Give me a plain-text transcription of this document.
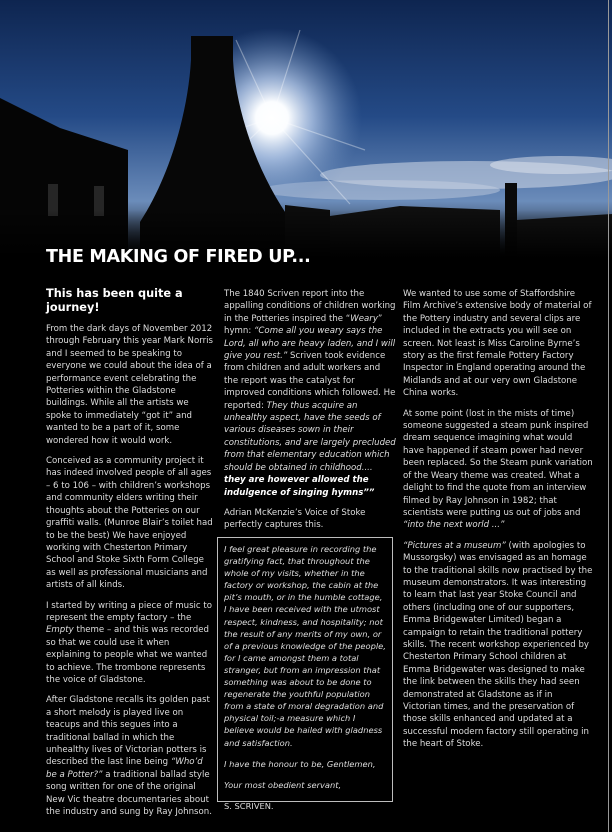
THE MAKING OF FIRED UP...
This has been quite a journey!

From the dark days of November 2012 through February this year Mark Norris and I seemed to be speaking to everyone we could about the idea of a performance event celebrating the Potteries within the Gladstone buildings. While all the artists we spoke to immediately “got it” and wanted to be a part of it, some wondered how it would work.

Conceived as a community project it has indeed involved people of all ages – 6 to 106 – with children’s workshops and community elders writing their thoughts about the Potteries on our graffiti walls. (Munroe Blair’s toilet had to be the best) We have enjoyed working with Chesterton Primary School and Stoke Sixth Form College as well as professional musicians and artists of all kinds.

I started by writing a piece of music to represent the empty factory – the Empty theme – and this was recorded so that we could use it when explaining to people what we wanted to achieve. The trombone represents the voice of Gladstone.

After Gladstone recalls its golden past a short melody is played live on teacups and this segues into a traditional ballad in which the unhealthy lives of Victorian potters is described the last line being “Who’d be a Potter?” a traditional ballad style song written for one of the original New Vic theatre documentaries about the industry and sung by Ray Johnson.

The 1840 Scriven report into the appalling conditions of children working in the Potteries inspired the “Weary” hymn: “Come all you weary says the Lord, all who are heavy laden, and I will give you rest.” Scriven took evidence from children and adult workers and the report was the catalyst for improved conditions which followed. He reported: They thus acquire an unhealthy aspect, have the seeds of various diseases sown in their constitutions, and are largely precluded from that elementary education which should be obtained in childhood.... they are however allowed the indulgence of singing hymns””

Adrian McKenzie’s Voice of Stoke perfectly captures this.

I feel great pleasure in recording the gratifying fact, that throughout the whole of my visits, whether in the factory or workshop, the cabin at the pit’s mouth, or in the humble cottage, I have been received with the utmost respect, kindness, and hospitality; not the result of any merits of my own, or of a previous knowledge of the people, for I came amongst them a total stranger, but from an impression that something was about to be done to regenerate the youthful population from a state of moral degradation and physical toil;-a measure which I believe would be hailed with gladness and satisfaction.

I have the honour to be, Gentlemen,

Your most obedient servant,

S. SCRIVEN.

We wanted to use some of Staffordshire Film Archive’s extensive body of material of the Pottery industry and several clips are included in the extracts you will see on screen. Not least is Miss Caroline Byrne’s story as the first female Pottery Factory Inspector in England operating around the Midlands and at our very own Gladstone China works.

At some point (lost in the mists of time) someone suggested a steam punk inspired dream sequence imagining what would have happened if steam power had never been replaced. So the Steam punk variation of the Weary theme was created. What a delight to find the quote from an interview filmed by Ray Johnson in 1982; that scientists were putting us out of jobs and “into the next world ...”

“Pictures at a museum” (with apologies to Mussorgsky) was envisaged as an homage to the traditional skills now practised by the museum demonstrators. It was interesting to learn that last year Stoke Council and others (including one of our supporters, Emma Bridgewater Limited) began a campaign to retain the traditional pottery skills. The recent workshop experienced by Chesterton Primary School children at Emma Bridgewater was designed to make the link between the skills they had seen demonstrated at Gladstone as if in Victorian times, and the preservation of those skills enhanced and updated at a successful modern factory still operating in the heart of Stoke.
